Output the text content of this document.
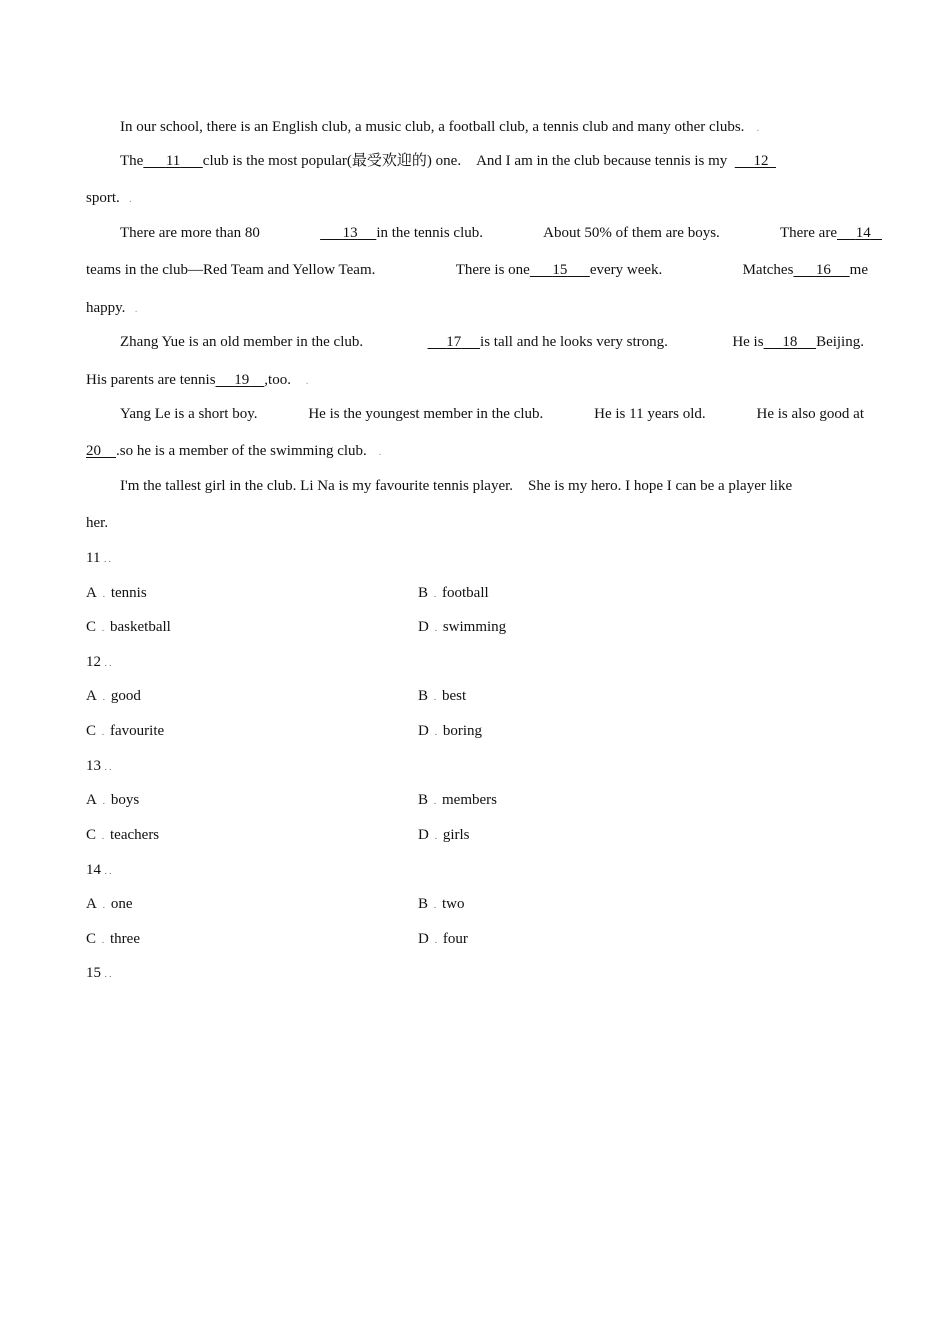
In our school, there is an English club, a music club, a football club, a tennis club and many other clubs.    .
The 11 club is the most popular(最受欢迎的) one. And I am in the club because tennis is my 12
sport.   .
There are more than 80	13 in the tennis club.	About 50% of them are boys.	There are 14
teams in the club—Red Team and Yellow Team.	There is one 15 every week.	Matches 16 me
happy.   .
Zhang Yue is an old member in the club.	17 is tall and he looks very strong.	He is 18 Beijing.
His parents are tennis 19 ,too.     .
Yang Le is a short boy.	He is the youngest member in the club.	He is 11 years old.	He is also good at
20 .so he is a member of the swimming club.    .
I'm the tallest girl in the club. Li Na is my favourite tennis player. She is my hero. I hope I can be a player like
her.
11 . .
A . tennis	B . football
C . basketball	D . swimming
12 . .
A . good	B . best
C . favourite	D . boring
13 . .
A . boys	B . members
C . teachers	D . girls
14 . .
A . one	B . two
C . three	D . four
15 . .
